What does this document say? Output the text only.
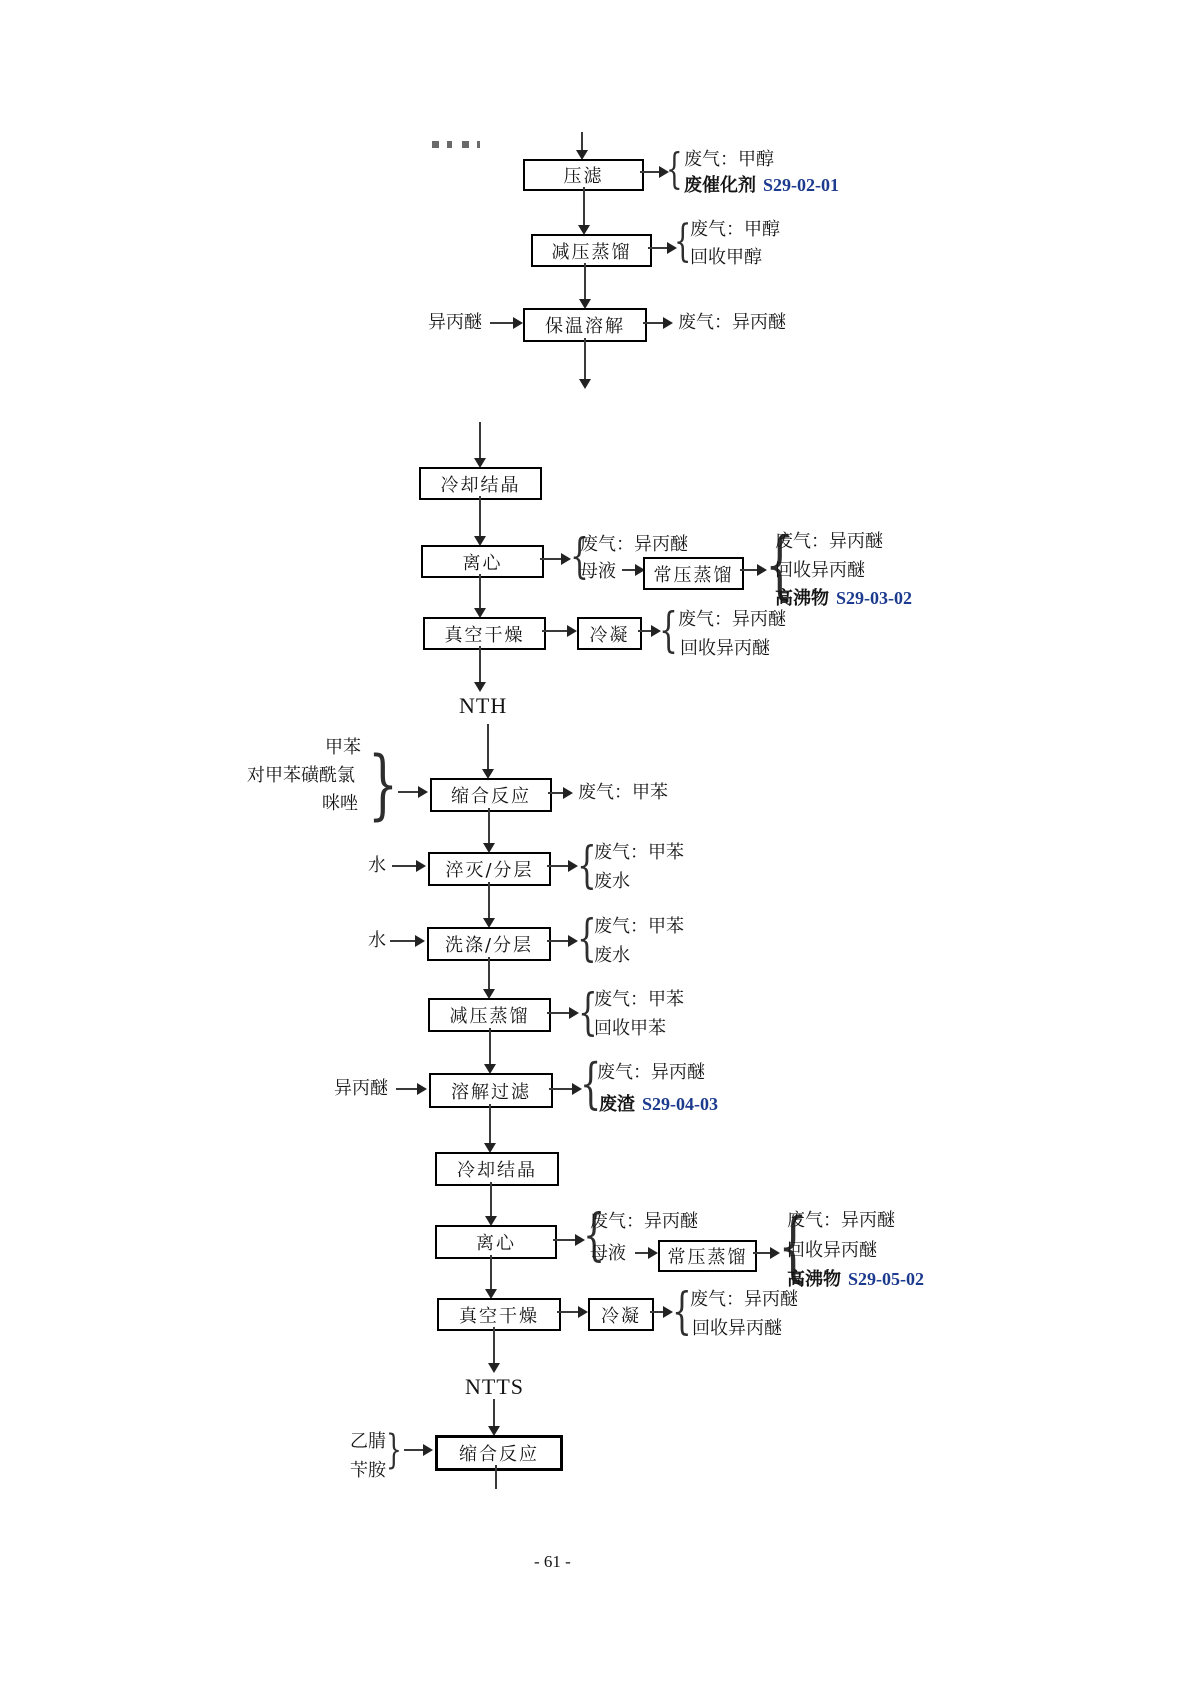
压滤
{
废气：甲醇
废催化剂 S29-02-01
减压蒸馏
{
废气：甲醇
回收甲醇
异丙醚	保温溶解	废气：异丙醚
冷却结晶
离心
{
废气：异丙醚
母液	常压蒸馏
{
废气：异丙醚
回收异丙醚
高沸物 S29-03-02
真空干燥	冷凝
{
废气：异丙醚
回收异丙醚
NTH
甲苯
对甲苯磺酰氯
咪唑 }	缩合反应	废气：甲苯
水	淬灭/分层
{
废气：甲苯
废水
水	洗涤/分层
{
废气：甲苯
废水
减压蒸馏
{
废气：甲苯
回收甲苯
异丙醚	溶解过滤
{
废气：异丙醚
废渣 S29-04-03
冷却结晶
离心
{
废气：异丙醚
母液	常压蒸馏
{
废气：异丙醚
回收异丙醚
高沸物 S29-05-02
真空干燥	冷凝
{
废气：异丙醚
回收异丙醚
NTTS
乙腈
苄胺
}
缩合反应
- 61 -
